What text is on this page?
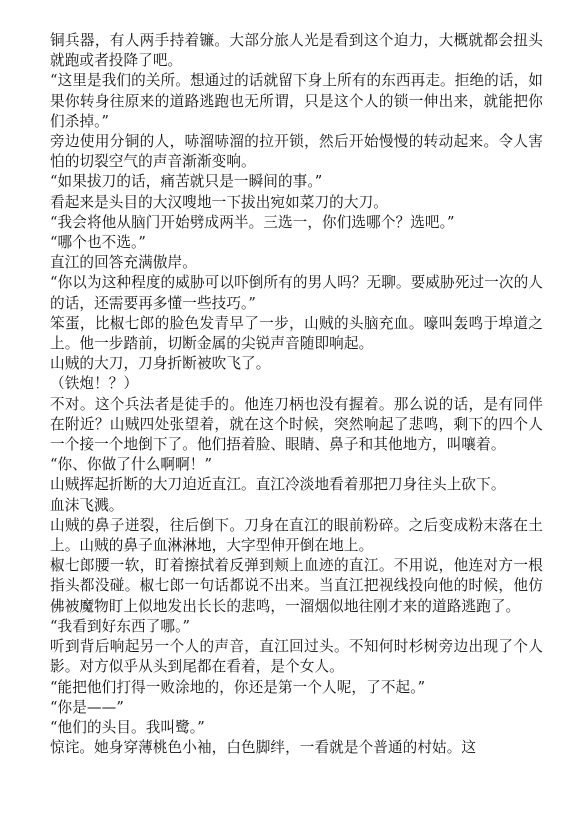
铜兵器，有人两手持着镰。大部分旅人光是看到这个迫力，大概就都会扭头就跑或者投降了吧。

“这里是我们的关所。想通过的话就留下身上所有的东西再走。拒绝的话，如果你转身往原来的道路逃跑也无所谓，只是这个人的锁一伸出来，就能把你们杀掉。”

旁边使用分铜的人，哧溜哧溜的拉开锁，然后开始慢慢的转动起来。令人害怕的切裂空气的声音渐渐变响。

“如果拔刀的话，痛苦就只是一瞬间的事。”

看起来是头目的大汉嗖地一下拔出宛如菜刀的大刀。

“我会将他从脑门开始劈成两半。三选一，你们选哪个？选吧。”

“哪个也不选。”

直江的回答充满傲岸。

“你以为这种程度的威胁可以吓倒所有的男人吗？无聊。要威胁死过一次的人的话，还需要再多懂一些技巧。”

笨蛋，比椒七郎的脸色发青早了一步，山贼的头脑充血。嚎叫轰鸣于埠道之上。他一步踏前，切断金属的尖锐声音随即响起。

山贼的大刀，刀身折断被吹飞了。

（铁炮！？）

不对。这个兵法者是徒手的。他连刀柄也没有握着。那么说的话，是有同伴在附近？山贼四处张望着，就在这个时候，突然响起了悲鸣，剩下的四个人一个接一个地倒下了。他们捂着脸、眼睛、鼻子和其他地方，叫嚷着。

“你、你做了什么啊啊！”

山贼挥起折断的大刀迫近直江。直江冷淡地看着那把刀身往头上砍下。

血沫飞溅。

山贼的鼻子迸裂，往后倒下。刀身在直江的眼前粉碎。之后变成粉末落在土上。山贼的鼻子血淋淋地，大字型伸开倒在地上。

椒七郎腰一软，盯着擦拭着反弹到颊上血迹的直江。不用说，他连对方一根指头都没碰。椒七郎一句话都说不出来。当直江把视线投向他的时候，他仿佛被魔物盯上似地发出长长的悲鸣，一溜烟似地往刚才来的道路逃跑了。

“我看到好东西了哪。”

听到背后响起另一个人的声音，直江回过头。不知何时杉树旁边出现了个人影。对方似乎从头到尾都在看着，是个女人。

“能把他们打得一败涂地的，你还是第一个人呢，了不起。”

“你是——”

“他们的头目。我叫鹭。”

惊诧。她身穿薄桃色小袖，白色脚绊，一看就是个普通的村姑。这
